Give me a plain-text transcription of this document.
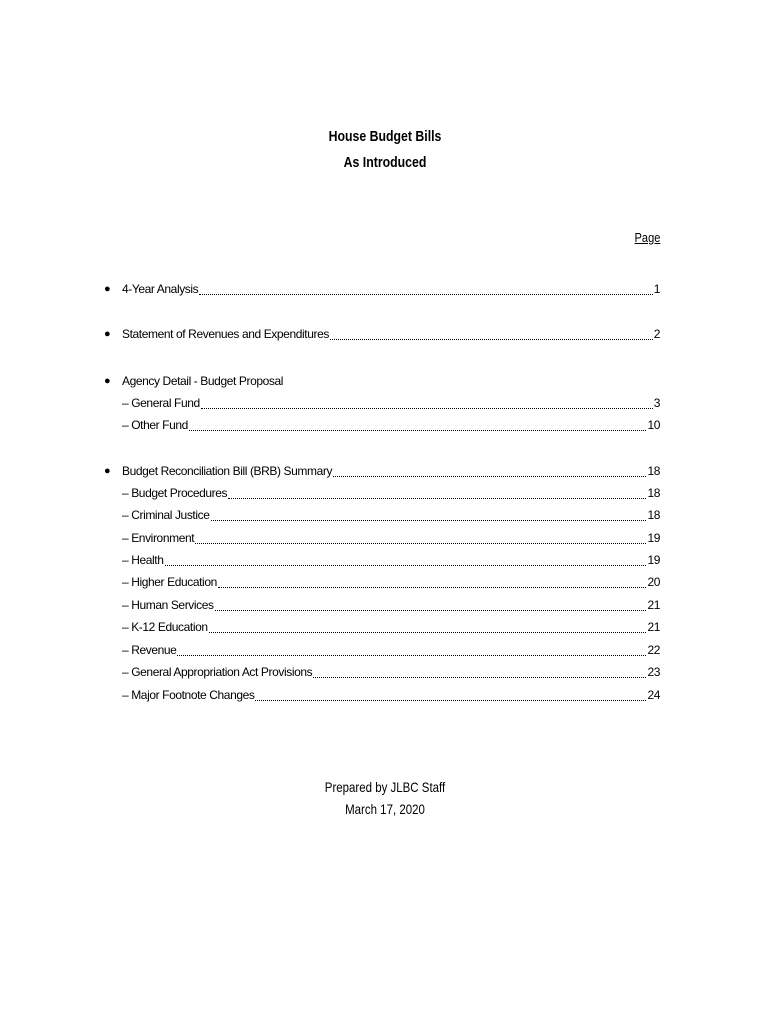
House Budget Bills
As Introduced
Page
● 4-Year Analysis	1
● Statement of Revenues and Expenditures	2
● Agency Detail - Budget Proposal
– General Fund	3
– Other Fund	10
● Budget Reconciliation Bill (BRB) Summary	18
– Budget Procedures	18
– Criminal Justice	18
– Environment	19
– Health	19
– Higher Education	20
– Human Services	21
– K-12 Education	21
– Revenue	22
– General Appropriation Act Provisions	23
– Major Footnote Changes	24
Prepared by JLBC Staff
March 17, 2020
